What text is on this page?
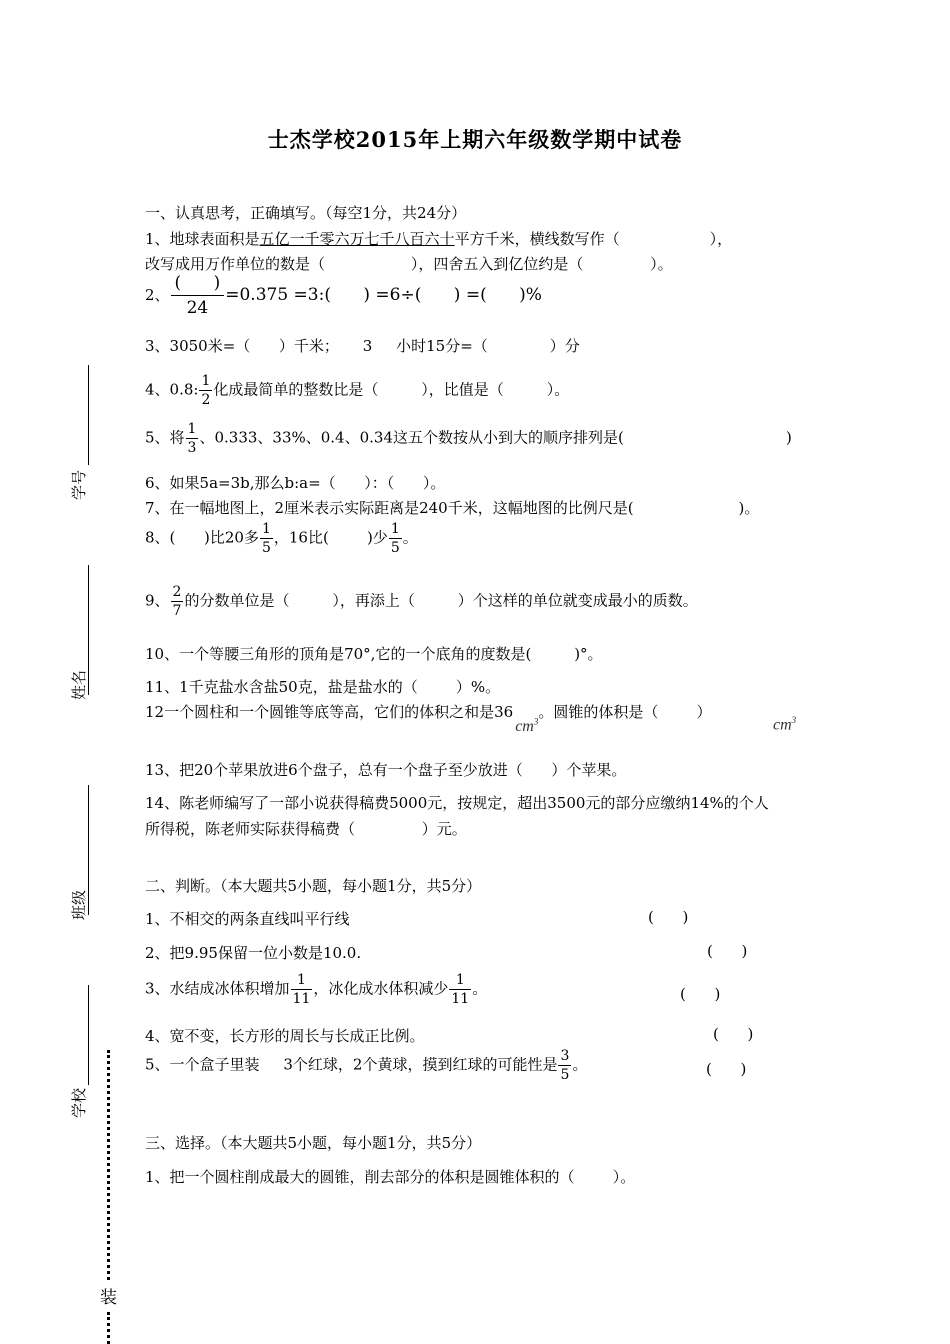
学号
姓名
班级
学校
装
士杰学校2015年上期六年级数学期中试卷
一、认真思考，正确填写。（每空1分，共24分）
1、地球表面积是五亿一千零六万七千八百六十平方千米，横线数写作（	），
改写成用万作单位的数是（                  ），四舍五入到亿位约是（              ）。
2、 $\frac{( )}{24} =0.375$ =3:(      ) =6÷(      ) =(      )%
3、3050米=（      ）千米；     3     小时15分=（             ）分
4、0.8: $\frac{1}{2}$ 化成最简单的整数比是（         ），比值是（         ）。
5、将 $\frac{1}{3}$ 、0.333、33%、0.4、0.34这五个数按从小到大的顺序排列是(                                  )
6、如果5a=3b,那么b:a=（      ）：（      ）。
7、在一幅地图上，2厘米表示实际距离是240千米，这幅地图的比例尺是(                      )。
8、(      )比20多 $\frac{1}{5}$ ，16比(        )少 $\frac{1}{5}$ 。
9、 $\frac{2}{7}$ 的分数单位是（         ），再添上（         ）个这样的单位就变成最小的质数。
10、一个等腰三角形的顶角是70°,它的一个底角的度数是(         )°。
11、1千克盐水含盐50克，盐是盐水的（        ）%。
12一个圆柱和一个圆锥等底等高，它们的体积之和是$36cm^3$。圆锥的体积是（        ）
$cm^3$
13、把20个苹果放进6个盘子，总有一个盘子至少放进（      ）个苹果。
14、陈老师编写了一部小说获得稿费5000元，按规定，超出3500元的部分应缴纳14%的个人
所得税，陈老师实际获得稿费（              ）元。
二、判断。（本大题共5小题，每小题1分，共5分）
1、不相交的两条直线叫平行线	(      )
2、把9.95保留一位小数是10.0.	(      )
3、水结成冰体积增加 $\frac{1}{11}$ ，冰化成水体积减少 $\frac{1}{11}$ 。	(      )
4、宽不变，长方形的周长与长成正比例。	(      )
5、一个盒子里装     3个红球，2个黄球，摸到红球的可能性是 $\frac{3}{5}$ 。	(      )
三、选择。（本大题共5小题，每小题1分，共5分）
1、把一个圆柱削成最大的圆锥，削去部分的体积是圆锥体积的（        ）。
